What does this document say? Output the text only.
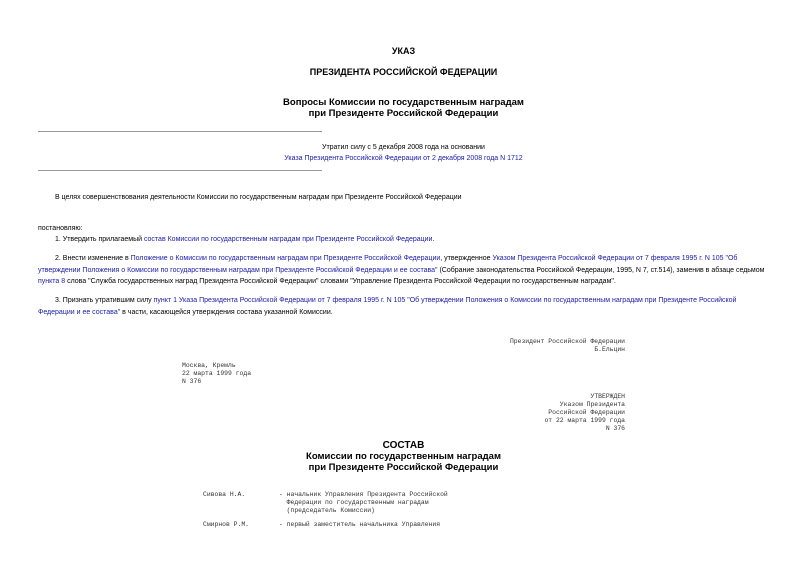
УКАЗ
ПРЕЗИДЕНТА РОССИЙСКОЙ ФЕДЕРАЦИИ
Вопросы Комиссии по государственным наградам
при Президенте Российской Федерации
Утратил силу с 5 декабря 2008 года на основании
Указа Президента Российской Федерации от 2 декабря 2008 года N 1712
В целях совершенствования деятельности Комиссии по государственным наградам при Президенте Российской Федерации
постановляю:
1. Утвердить прилагаемый состав Комиссии по государственным наградам при Президенте Российской Федерации.
2. Внести изменение в Положение о Комиссии по государственным наградам при Президенте Российской Федерации, утвержденное Указом Президента Российской Федерации от 7 февраля 1995 г. N 105 "Об утверждении Положения о Комиссии по государственным наградам при Президенте Российской Федерации и ее состава" (Собрание законодательства Российской Федерации, 1995, N 7, ст.514), заменив в абзаце седьмом пункта 8 слова "Служба государственных наград Президента Российской Федерации" словами "Управление Президента Российской Федерации по государственным наградам".
3. Признать утратившим силу пункт 1 Указа Президента Российской Федерации от 7 февраля 1995 г. N 105 "Об утверждении Положения о Комиссии по государственным наградам при Президенте Российской Федерации и ее состава" в части, касающейся утверждения состава указанной Комиссии.
Президент Российской Федерации
Б.Ельцин
Москва, Кремль
22 марта 1999 года
N 376
УТВЕРЖДЕН
Указом Президента
Российской Федерации
от 22 марта 1999 года
N 376
СОСТАВ
Комиссии по государственным наградам
при Президенте Российской Федерации
Сивова Н.А.	- начальник Управления Президента Российской
Федерации по государственным наградам
(председатель Комиссии)
Смирнов Р.М.	- первый заместитель начальника Управления
